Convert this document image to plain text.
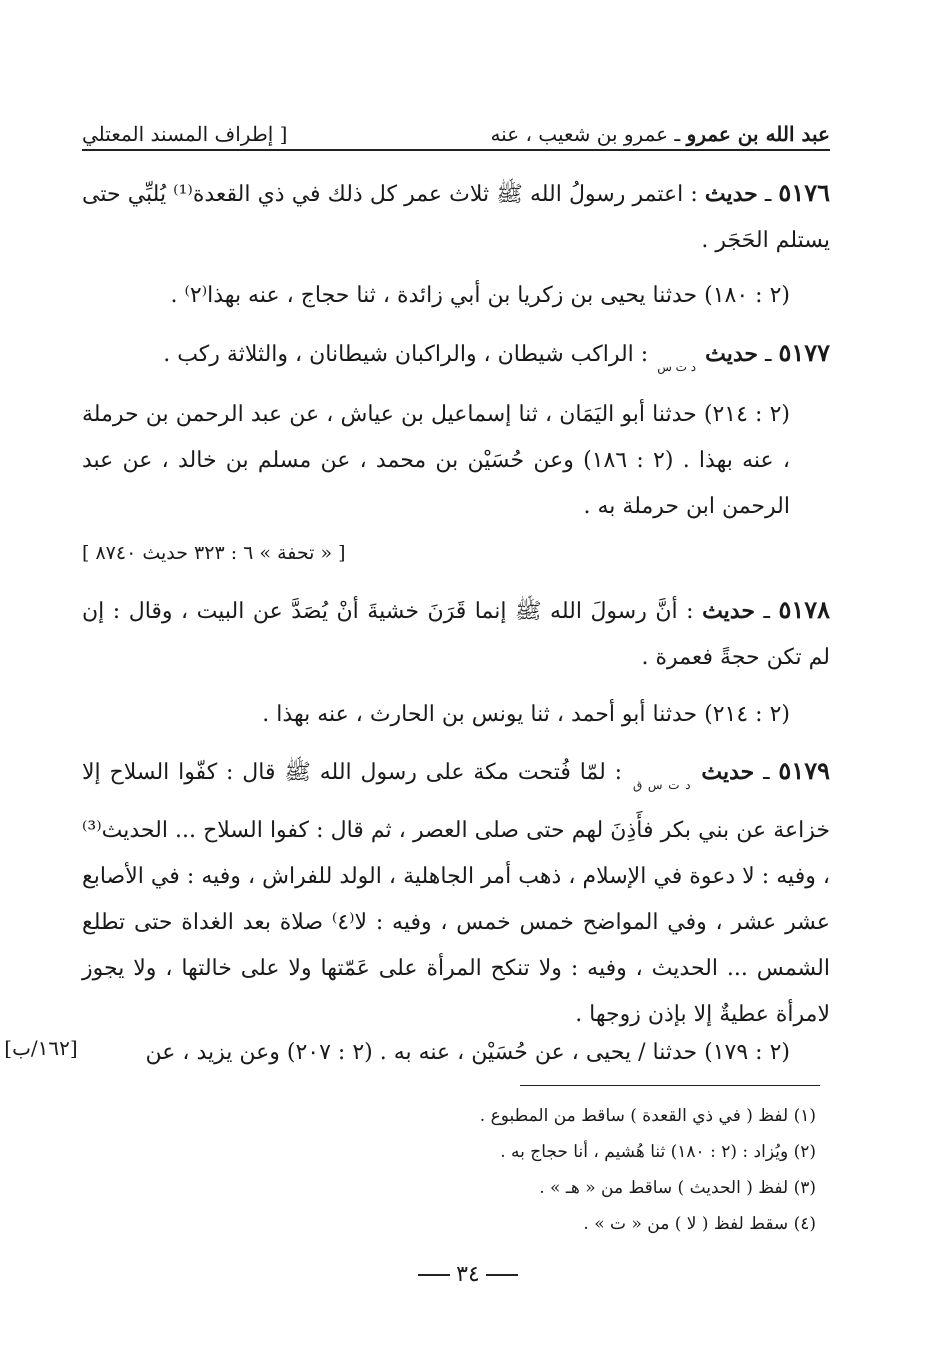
عبد الله بن عمرو ـ عمرو بن شعيب ، عنه
[ إطراف المسند المعتلي
٥١٧٦ ـ حديث : اعتمر رسولُ الله ﷺ ثلاث عمر كل ذلك في ذي القعدة⁽¹⁾ يُلبِّي حتى يستلم الحَجَر .
(٢ : ١٨٠) حدثنا يحيى بن زكريا بن أبي زائدة ، ثنا حجاج ، عنه بهذا⁽٢⁾ .
٥١٧٧ ـ حديث $_{د ت س}$ : الراكب شيطان ، والراكبان شيطانان ، والثلاثة ركب .
(٢ : ٢١٤) حدثنا أبو اليَمَان ، ثنا إسماعيل بن عياش ، عن عبد الرحمن بن حرملة ، عنه بهذا . (٢ : ١٨٦) وعن حُسَيْن بن محمد ، عن مسلم بن خالد ، عن عبد الرحمن ابن حرملة به .
[ « تحفة » ٦ : ٣٢٣ حديث ٨٧٤٠ ]
٥١٧٨ ـ حديث : أنَّ رسولَ الله ﷺ إنما قَرَنَ خشيةَ أنْ يُصَدَّ عن البيت ، وقال : إن لم تكن حجةً فعمرة .
(٢ : ٢١٤) حدثنا أبو أحمد ، ثنا يونس بن الحارث ، عنه بهذا .
٥١٧٩ ـ حديث $_{د ت س ق}$ : لمّا فُتحت مكة على رسول الله ﷺ قال : كفّوا السلاح إلا خزاعة عن بني بكر فأَذِنَ لهم حتى صلى العصر ، ثم قال : كفوا السلاح ... الحديث⁽³⁾ ، وفيه : لا دعوة في الإسلام ، ذهب أمر الجاهلية ، الولد للفراش ، وفيه : في الأصابع عشر عشر ، وفي المواضح خمس خمس ، وفيه : لا⁽٤⁾ صلاة بعد الغداة حتى تطلع الشمس ... الحديث ، وفيه : ولا تنكح المرأة على عَمّتها ولا على خالتها ، ولا يجوز لامرأة عطيةٌ إلا بإذن زوجها .
(٢ : ١٧٩) حدثنا / يحيى ، عن حُسَيْن ، عنه به . (٢ : ٢٠٧) وعن يزيد ، عن
[١٦٢/ب]
(١) لفظ ( في ذي القعدة ) ساقط من المطبوع .
(٢) ويُزاد : (٢ : ١٨٠) ثنا هُشيم ، أنا حجاج به .
(٣) لفظ ( الحديث ) ساقط من « هـ » .
(٤) سقط لفظ ( لا ) من « ت » .
٣٤
